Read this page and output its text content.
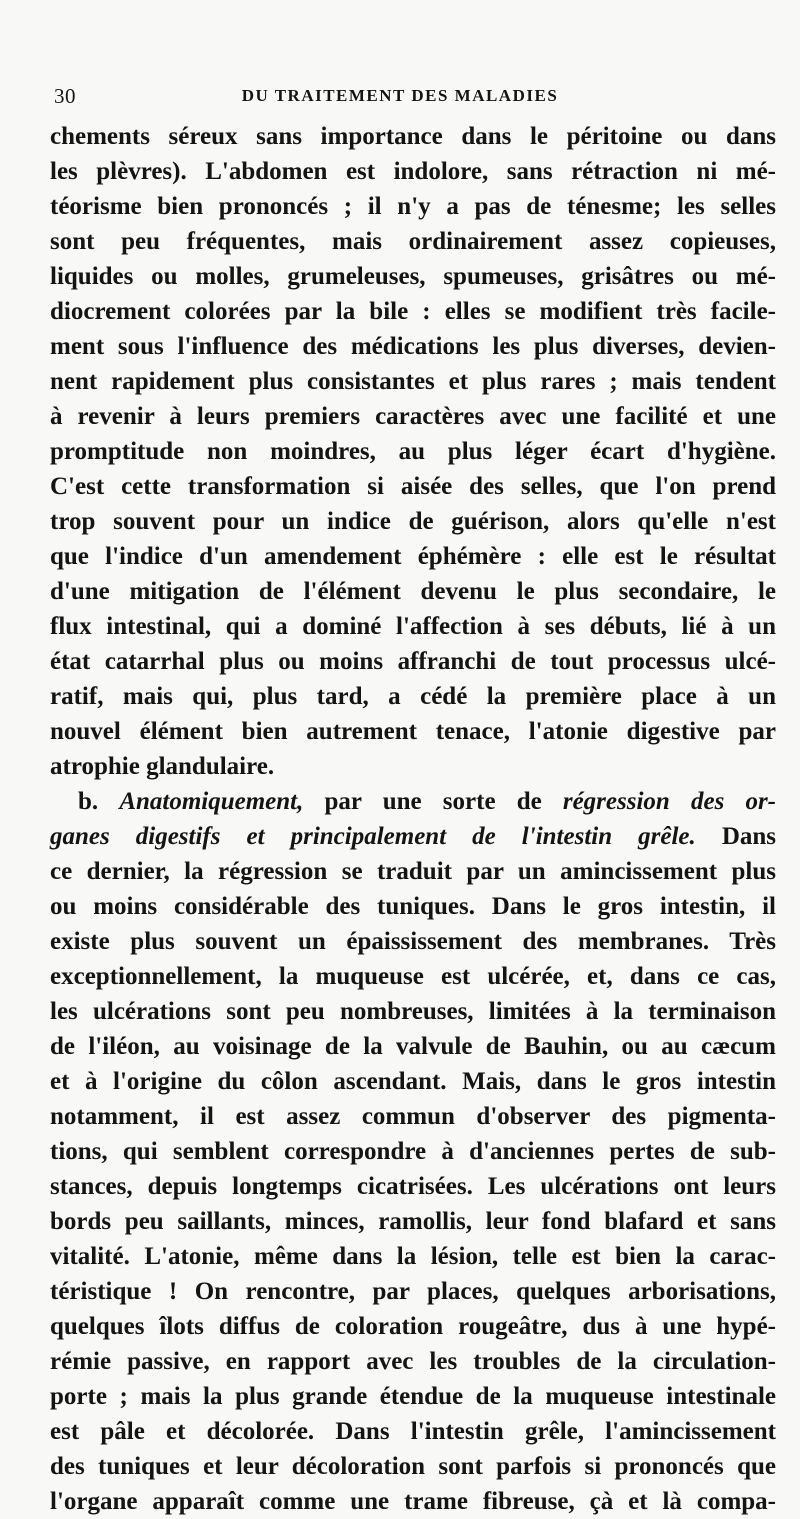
30	DU TRAITEMENT DES MALADIES
chements séreux sans importance dans le péritoine ou dans
les plèvres). L'abdomen est indolore, sans rétraction ni mé-
téorisme bien prononcés ; il n'y a pas de ténesme; les selles
sont peu fréquentes, mais ordinairement assez copieuses,
liquides ou molles, grumeleuses, spumeuses, grisâtres ou mé-
diocrement colorées par la bile : elles se modifient très facile-
ment sous l'influence des médications les plus diverses, devien-
nent rapidement plus consistantes et plus rares ; mais tendent
à revenir à leurs premiers caractères avec une facilité et une
promptitude non moindres, au plus léger écart d'hygiène.
C'est cette transformation si aisée des selles, que l'on prend
trop souvent pour un indice de guérison, alors qu'elle n'est
que l'indice d'un amendement éphémère : elle est le résultat
d'une mitigation de l'élément devenu le plus secondaire, le
flux intestinal, qui a dominé l'affection à ses débuts, lié à un
état catarrhal plus ou moins affranchi de tout processus ulcé-
ratif, mais qui, plus tard, a cédé la première place à un
nouvel élément bien autrement tenace, l'atonie digestive par
atrophie glandulaire.
b. Anatomiquement, par une sorte de régression des or-
ganes digestifs et principalement de l'intestin grêle. Dans
ce dernier, la régression se traduit par un amincissement plus
ou moins considérable des tuniques. Dans le gros intestin, il
existe plus souvent un épaississement des membranes. Très
exceptionnellement, la muqueuse est ulcérée, et, dans ce cas,
les ulcérations sont peu nombreuses, limitées à la terminaison
de l'iléon, au voisinage de la valvule de Bauhin, ou au cæcum
et à l'origine du côlon ascendant. Mais, dans le gros intestin
notamment, il est assez commun d'observer des pigmenta-
tions, qui semblent correspondre à d'anciennes pertes de sub-
stances, depuis longtemps cicatrisées. Les ulcérations ont leurs
bords peu saillants, minces, ramollis, leur fond blafard et sans
vitalité. L'atonie, même dans la lésion, telle est bien la carac-
téristique ! On rencontre, par places, quelques arborisations,
quelques îlots diffus de coloration rougeâtre, dus à une hypé-
rémie passive, en rapport avec les troubles de la circulation-
porte ; mais la plus grande étendue de la muqueuse intestinale
est pâle et décolorée. Dans l'intestin grêle, l'amincissement
des tuniques et leur décoloration sont parfois si prononcés que
l'organe apparaît comme une trame fibreuse, çà et là compa-
